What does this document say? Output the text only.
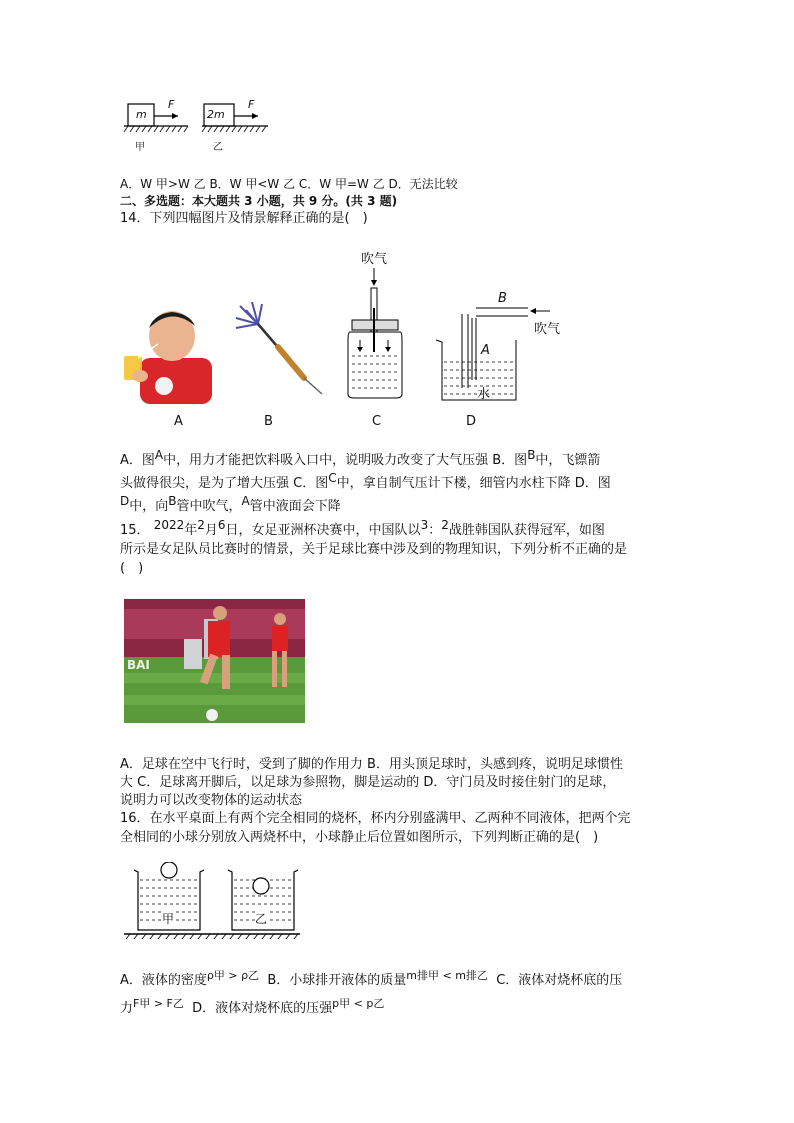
m	2m
F	F
甲	乙
A．W 甲>W 乙 B．W 甲<W 乙 C．W 甲=W 乙 D．无法比较
二、多选题：本大题共 3 小题，共 9 分。(共 3 题)
14．下列四幅图片及情景解释正确的是(　)
吹气
B
吹气
A
水
A	B	C	D
A．图A中，用力才能把饮料吸入口中，说明吸力改变了大气压强 B．图B中，飞镖箭
头做得很尖，是为了增大压强 C．图C中，拿自制气压计下楼，细管内水柱下降 D．图
D中，向B管中吹气，A管中液面会下降
15． 2022年2月6日，女足亚洲杯决赛中，中国队以3：2战胜韩国队获得冠军，如图
所示是女足队员比赛时的情景，关于足球比赛中涉及到的物理知识，下列分析不正确的是
(　)
BAI
A．足球在空中飞行时，受到了脚的作用力 B．用头顶足球时，头感到疼，说明足球惯性
大 C．足球离开脚后，以足球为参照物，脚是运动的 D．守门员及时接住射门的足球，
说明力可以改变物体的运动状态
16．在水平桌面上有两个完全相同的烧杯，杯内分别盛满甲、乙两种不同液体，把两个完
全相同的小球分别放入两烧杯中，小球静止后位置如图所示，下列判断正确的是(　)
甲	乙
A．液体的密度$^{\rho 甲 > \rho 乙}$ B．小球排开液体的质量$^{m排甲 < m排乙}$ C．液体对烧杯底的压
力$^{F甲 > F乙}$ D．液体对烧杯底的压强$^{p甲 < p乙}$
